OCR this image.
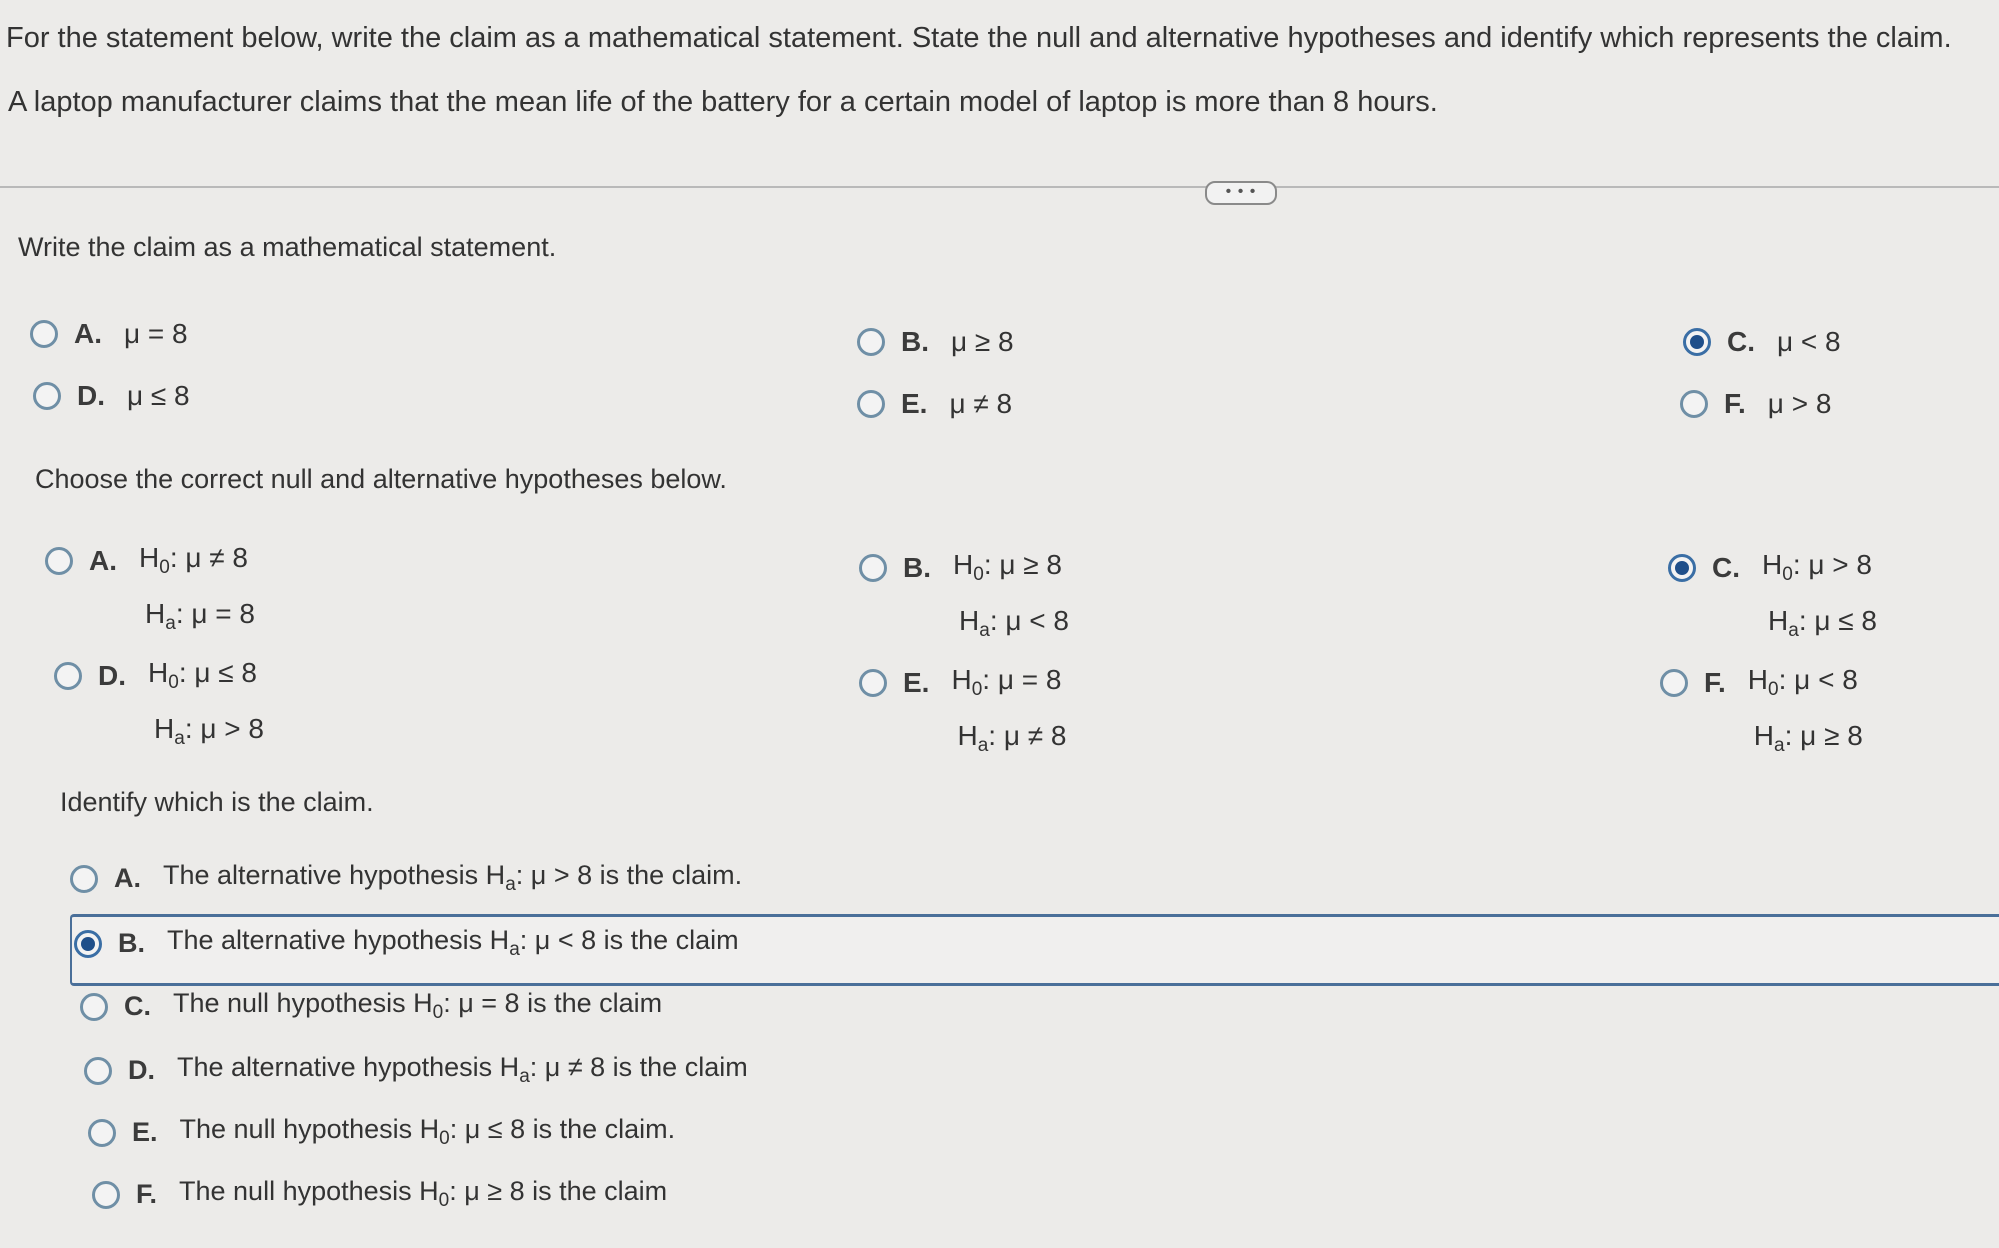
For the statement below, write the claim as a mathematical statement. State the null and alternative hypotheses and identify which represents the claim.
A laptop manufacturer claims that the mean life of the battery for a certain model of laptop is more than 8 hours.
• • •
Write the claim as a mathematical statement.
A. μ = 8	B. μ ≥ 8	C. μ < 8
D. μ ≤ 8	E. μ ≠ 8	F. μ > 8
Choose the correct null and alternative hypotheses below.
A. $H_0$: μ ≠ 8
$H_a$: μ = 8
B. $H_0$: μ ≥ 8
$H_a$: μ < 8
C. $H_0$: μ > 8
$H_a$: μ ≤ 8
D. $H_0$: μ ≤ 8
$H_a$: μ > 8
E. $H_0$: μ = 8
$H_a$: μ ≠ 8
F. $H_0$: μ < 8
$H_a$: μ ≥ 8
Identify which is the claim.
A. The alternative hypothesis $H_a$: μ > 8 is the claim.
B. The alternative hypothesis $H_a$: μ < 8 is the claim
C. The null hypothesis $H_0$: μ = 8 is the claim
D. The alternative hypothesis $H_a$: μ ≠ 8 is the claim
E. The null hypothesis $H_0$: μ ≤ 8 is the claim.
F. The null hypothesis $H_0$: μ ≥ 8 is the claim
